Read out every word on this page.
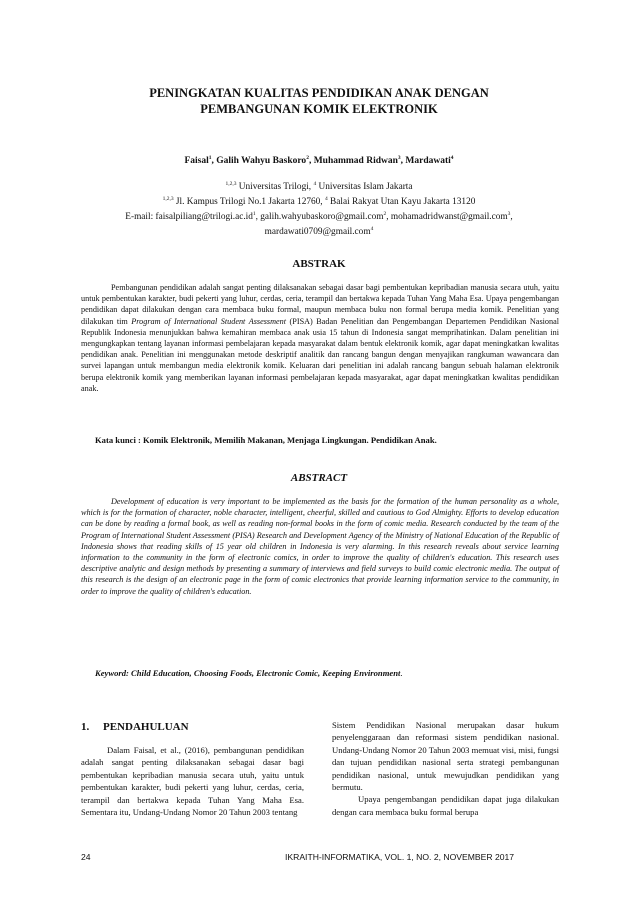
PENINGKATAN KUALITAS PENDIDIKAN ANAK DENGAN
PEMBANGUNAN KOMIK ELEKTRONIK
Faisal$^1$, Galih Wahyu Baskoro$^2$, Muhammad Ridwan$^3$, Mardawati$^4$
$^{1,2,3}$ Universitas Trilogi, $^4$ Universitas Islam Jakarta
$^{1,2,3}$ Jl. Kampus Trilogi No.1 Jakarta 12760, $^4$ Balai Rakyat Utan Kayu Jakarta 13120
E-mail: $faisalpiliang@trilogi.ac.id^1$, galih.wahyubaskoro@gmail.com$^2$, mohamadridwanst@gmail.com$^3$,
mardawati0709@gmail.com$^4$
ABSTRAK

Pembangunan pendidikan adalah sangat penting dilaksanakan sebagai dasar bagi pembentukan kepribadian manusia secara utuh, yaitu untuk pembentukan karakter, budi pekerti yang luhur, cerdas, ceria, terampil dan bertakwa kepada Tuhan Yang Maha Esa. Upaya pengembangan pendidikan dapat dilakukan dengan cara membaca buku formal, maupun membaca buku non formal berupa media komik. Penelitian yang dilakukan tim Program of International Student Assessment (PISA) Badan Penelitian dan Pengembangan Departemen Pendidikan Nasional Republik Indonesia menunjukkan bahwa kemahiran membaca anak usia 15 tahun di Indonesia sangat memprihatinkan. Dalam penelitian ini mengungkapkan tentang layanan informasi pembelajaran kepada masyarakat dalam bentuk elektronik komik, agar dapat meningkatkan kwalitas pendidikan anak. Penelitian ini menggunakan metode deskriptif analitik dan rancang bangun dengan menyajikan rangkuman wawancara dan survei lapangan untuk membangun media elektronik komik. Keluaran dari penelitian ini adalah rancang bangun sebuah halaman elektronik berupa elektronik komik yang memberikan layanan informasi pembelajaran kepada masyarakat, agar dapat meningkatkan kwalitas pendidikan anak.

Kata kunci : Komik Elektronik, Memilih Makanan, Menjaga Lingkungan. Pendidikan Anak.
ABSTRACT

Development of education is very important to be implemented as the basis for the formation of the human personality as a whole, which is for the formation of character, noble character, intelligent, cheerful, skilled and cautious to God Almighty. Efforts to develop education can be done by reading a formal book, as well as reading non-formal books in the form of comic media. Research conducted by the team of the Program of International Student Assessment (PISA) Research and Development Agency of the Ministry of National Education of the Republic of Indonesia shows that reading skills of 15 year old children in Indonesia is very alarming. In this research reveals about service learning information to the community in the form of electronic comics, in order to improve the quality of children's education. This research uses descriptive analytic and design methods by presenting a summary of interviews and field surveys to build comic electronic media. The output of this research is the design of an electronic page in the form of comic electronics that provide learning information service to the community, in order to improve the quality of children's education.

Keyword: Child Education, Choosing Foods, Electronic Comic, Keeping Environment.
1. PENDAHULUAN

Dalam Faisal, et al., (2016), pembangunan pendidikan adalah sangat penting dilaksanakan sebagai dasar bagi pembentukan kepribadian manusia secara utuh, yaitu untuk pembentukan karakter, budi pekerti yang luhur, cerdas, ceria, terampil dan bertakwa kepada Tuhan Yang Maha Esa. Sementara itu, Undang-Undang Nomor 20 Tahun 2003 tentang

Sistem Pendidikan Nasional merupakan dasar hukum penyelenggaraan dan reformasi sistem pendidikan nasional. Undang-Undang Nomor 20 Tahun 2003 memuat visi, misi, fungsi dan tujuan pendidikan nasional serta strategi pembangunan pendidikan nasional, untuk mewujudkan pendidikan yang bermutu.

Upaya pengembangan pendidikan dapat juga dilakukan dengan cara membaca buku formal berupa

24	IKRAITH-INFORMATIKA, VOL. 1, NO. 2, NOVEMBER 2017
